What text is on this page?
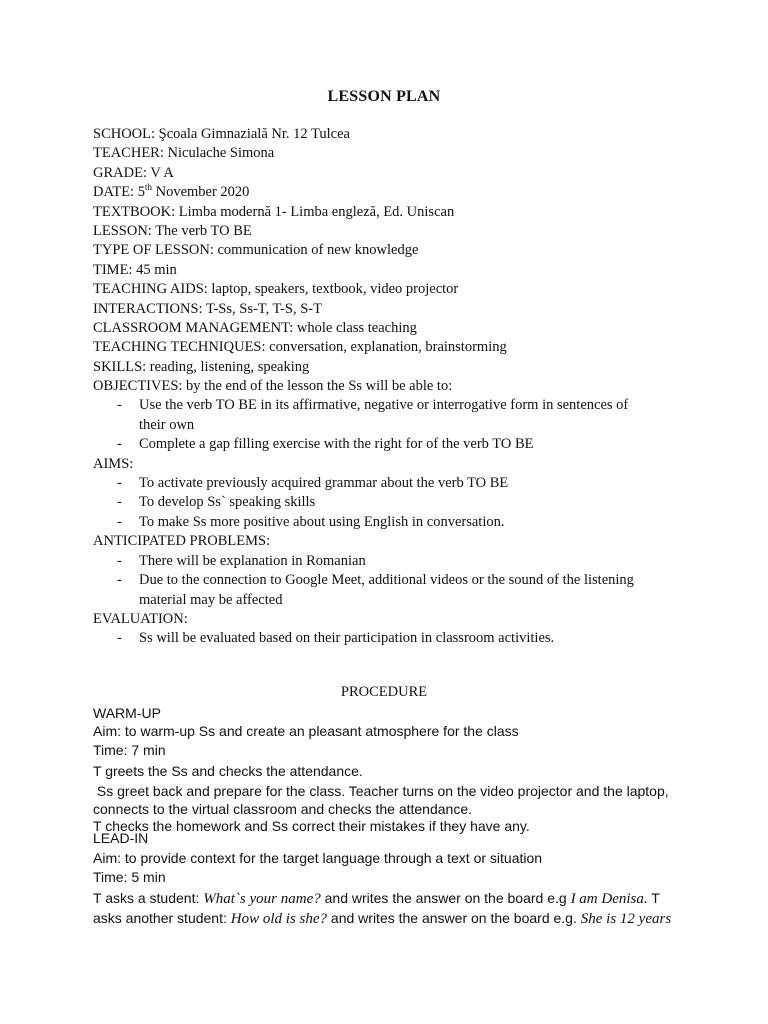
LESSON PLAN
SCHOOL: Şcoala Gimnazială Nr. 12 Tulcea
TEACHER: Niculache Simona
GRADE: V A
DATE: 5th November 2020
TEXTBOOK: Limba modernă 1- Limba engleză, Ed. Uniscan
LESSON: The verb TO BE
TYPE OF LESSON: communication of new knowledge
TIME: 45 min
TEACHING AIDS: laptop, speakers, textbook, video projector
INTERACTIONS: T-Ss, Ss-T, T-S, S-T
CLASSROOM MANAGEMENT: whole class teaching
TEACHING TECHNIQUES: conversation, explanation, brainstorming
SKILLS: reading, listening, speaking
OBJECTIVES: by the end of the lesson the Ss will be able to:
- Use the verb TO BE in its affirmative, negative or interrogative form in sentences of
their own
- Complete a gap filling exercise with the right for of the verb TO BE
AIMS:
- To activate previously acquired grammar about the verb TO BE
- To develop Ss` speaking skills
- To make Ss more positive about using English in conversation.
ANTICIPATED PROBLEMS:
- There will be explanation in Romanian
- Due to the connection to Google Meet, additional videos or the sound of the listening
material may be affected
EVALUATION:
- Ss will be evaluated based on their participation in classroom activities.
PROCEDURE
WARM-UP
Aim: to warm-up Ss and create an pleasant atmosphere for the class
Time: 7 min
T greets the Ss and checks the attendance.
Ss greet back and prepare for the class. Teacher turns on the video projector and the laptop,
connects to the virtual classroom and checks the attendance.
T checks the homework and Ss correct their mistakes if they have any.
LEAD-IN
Aim: to provide context for the target language through a text or situation
Time: 5 min
T asks a student: What`s your name? and writes the answer on the board e.g I am Denisa. T
asks another student: How old is she? and writes the answer on the board e.g. She is 12 years
